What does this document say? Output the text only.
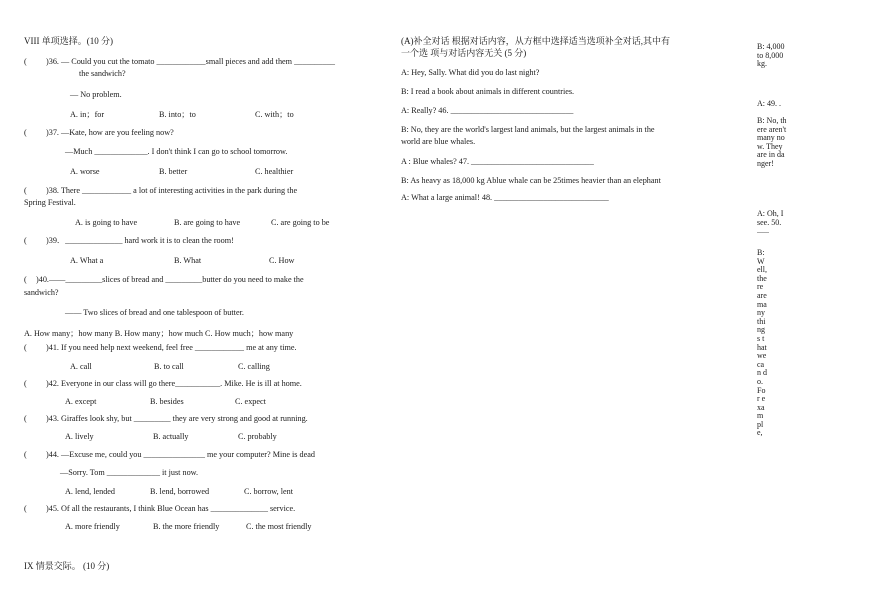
VIII 单项选择。(10 分)
( )36. — Could you cut the tomato ____________small pieces and add them __________
the sandwich?
— No problem.
A. in；for	B. into；to	C. with；to
( )37. —Kate, how are you feeling now?
—Much _____________. I don't think I can go to school tomorrow.
A. worse	B. better	C. healthier
( )38. There ____________ a lot of interesting activities in the park during the
Spring Festival.
A. is going to have	B. are going to have	C. are going to be
( )39．______________ hard work it is to clean the room!
A. What a	B. What	C. How
( )40.——_________slices of bread and _________butter do you need to make the
sandwich?
—— Two slices of bread and one tablespoon of butter.
A. How many；how many B. How many；how much C. How much；how many
( )41. If you need help next weekend, feel free ____________ me at any time.
A. call	B. to call	C. calling
( )42. Everyone in our class will go there___________. Mike. He is ill at home.
A. except	B. besides	C. expect
( )43. Giraffes look shy, but _________ they are very strong and good at running.
A. lively	B. actually	C. probably
( )44. —Excuse me, could you _______________ me your computer? Mine is dead
—Sorry. Tom _____________ it just now.
A. lend, lended	B. lend, borrowed	C. borrow, lent
( )45. Of all the restaurants, I think Blue Ocean has ______________ service.
A. more friendly	B. the more friendly	C. the most friendly
IX 情景交际。 (10 分)
(A)补全对话 根据对话内容，从方框中选择适当选项补全对话,其中有
一个选 项与对话内容无关 (5 分)
A: Hey, Sally. What did you do last night?
B: I read a book about animals in different countries.
A: Really? 46. ______________________________
B: No, they are the world's largest land animals, but the largest animals in the
world are blue whales.
A : Blue whales? 47. ______________________________
B: As heavy as 18,000 kg Ablue whale can be 25times heavier than an elephant
A: What a large animal! 48. ____________________________
B: 4,000 to 8,000 kg.
A: 49. .
B: No, there aren't many now. They are in danger!
A: Oh, I see. 50. ......
B: Well, there are many things that we can do. For example,
